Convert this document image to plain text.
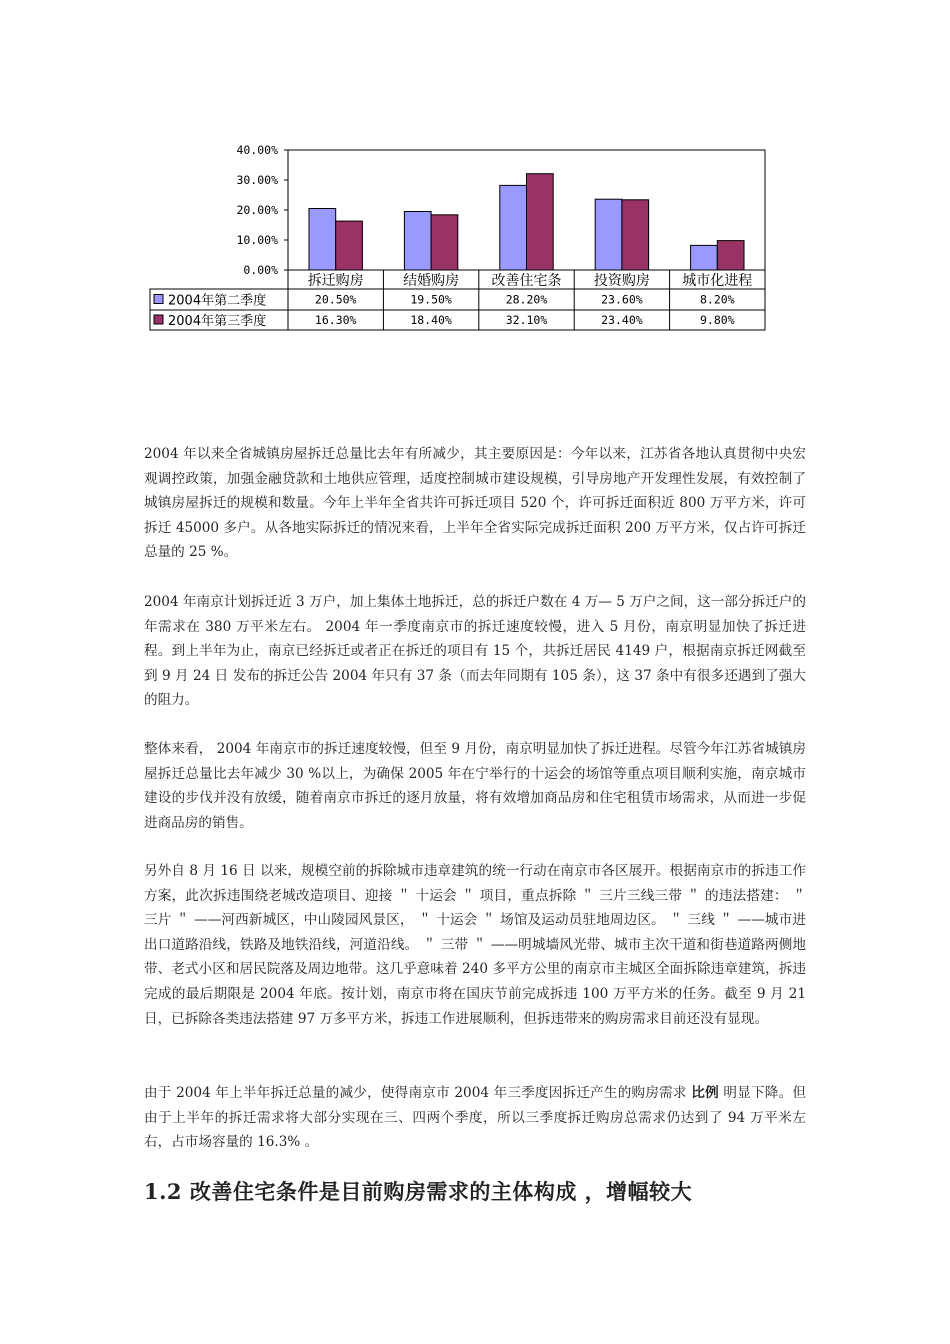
0.00%
10.00%
20.00%
30.00%
40.00%
拆迁购房	结婚购房 改善住宅条 投资购房 城市化进程
2004年第二季度	20.50%	19.50%	28.20%	23.60%	8.20%
2004年第三季度	16.30%	18.40%	32.10%	23.40%	9.80%

2004 年以来全省城镇房屋拆迁总量比去年有所减少，其主要原因是：今年以来，江苏省各地认真贯彻中央宏观调控政策，加强金融贷款和土地供应管理，适度控制城市建设规模，引导房地产开发理性发展，有效控制了城镇房屋拆迁的规模和数量。今年上半年全省共许可拆迁项目 520 个，许可拆迁面积近 800 万平方米，许可拆迁 45000 多户。从各地实际拆迁的情况来看，上半年全省实际完成拆迁面积 200 万平方米，仅占许可拆迁总量的 25 %。

2004 年南京计划拆迁近 3 万户，加上集体土地拆迁，总的拆迁户数在 4 万— 5 万户之间，这一部分拆迁户的年需求在 380 万平米左右。 2004 年一季度南京市的拆迁速度较慢，进入 5 月份，南京明显加快了拆迁进程。到上半年为止，南京已经拆迁或者正在拆迁的项目有 15 个，共拆迁居民 4149 户，根据南京拆迁网截至到 9 月 24 日 发布的拆迁公告 2004 年只有 37 条（而去年同期有 105 条），这 37 条中有很多还遇到了强大的阻力。

整体来看， 2004 年南京市的拆迁速度较慢，但至 9 月份，南京明显加快了拆迁进程。尽管今年江苏省城镇房屋拆迁总量比去年减少 30 %以上，为确保 2005 年在宁举行的十运会的场馆等重点项目顺利实施，南京城市建设的步伐并没有放缓，随着南京市拆迁的逐月放量，将有效增加商品房和住宅租赁市场需求，从而进一步促进商品房的销售。

另外自 8 月 16 日 以来，规模空前的拆除城市违章建筑的统一行动在南京市各区展开。根据南京市的拆违工作方案，此次拆违围绕老城改造项目、迎接 ＂ 十运会 ＂ 项目，重点拆除 ＂ 三片三线三带 ＂ 的违法搭建： ＂ 三片 ＂ ——河西新城区，中山陵园风景区， ＂ 十运会 ＂ 场馆及运动员驻地周边区。 ＂ 三线 ＂ ——城市进出口道路沿线，铁路及地铁沿线，河道沿线。 ＂ 三带 ＂ ——明城墙风光带、城市主次干道和街巷道路两侧地带、老式小区和居民院落及周边地带。这几乎意味着 240 多平方公里的南京市主城区全面拆除违章建筑，拆违完成的最后期限是 2004 年底。按计划，南京市将在国庆节前完成拆违 100 万平方米的任务。截至 9 月 21 日，已拆除各类违法搭建 97 万多平方米，拆违工作进展顺利，但拆违带来的购房需求目前还没有显现。

由于 2004 年上半年拆迁总量的减少，使得南京市 2004 年三季度因拆迁产生的购房需求 比例 明显下降。但由于上半年的拆迁需求将大部分实现在三、四两个季度，所以三季度拆迁购房总需求仍达到了 94 万平米左右，占市场容量的 16.3% 。

1.2 改善住宅条件是目前购房需求的主体构成 ，增幅较大
